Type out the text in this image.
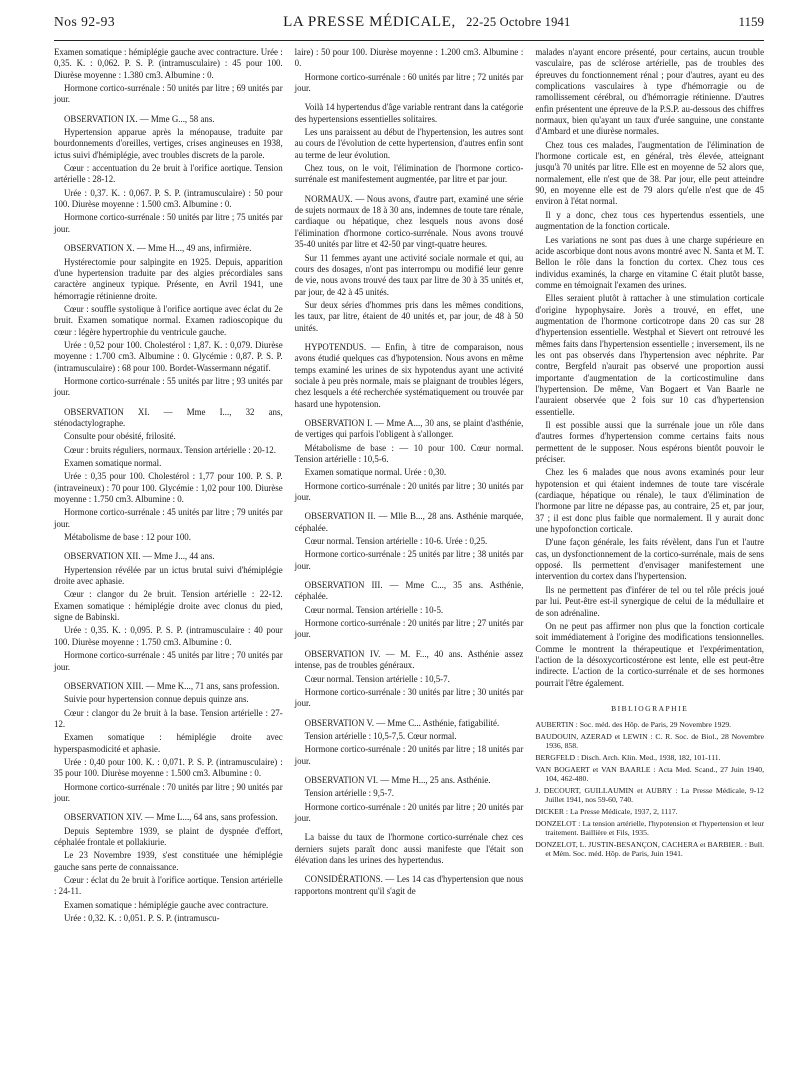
Nos 92-93	LA PRESSE MÉDICALE, 22-25 Octobre 1941	1159

Examen somatique : hémiplégie gauche avec contracture. Urée : 0,35. K. : 0,062. P. S. P. (intramusculaire) : 45 pour 100. Diurèse moyenne : 1.380 cm3. Albumine : 0.

Hormone cortico-surrénale : 50 unités par litre ; 69 unités par jour.

OBSERVATION IX. — Mme G..., 58 ans.

Hypertension apparue après la ménopause, traduite par bourdonnements d'oreilles, vertiges, crises angineuses en 1938, ictus suivi d'hémiplégie, avec troubles discrets de la parole.

Cœur : accentuation du 2e bruit à l'orifice aortique. Tension artérielle : 28-12.

Urée : 0,37. K. : 0,067. P. S. P. (intramusculaire) : 50 pour 100. Diurèse moyenne : 1.500 cm3. Albumine : 0.

Hormone cortico-surrénale : 50 unités par litre ; 75 unités par jour.

OBSERVATION X. — Mme H..., 49 ans, infirmière.

Hystérectomie pour salpingite en 1925. Depuis, apparition d'une hypertension traduite par des algies précordiales sans caractère angineux typique. Présente, en Avril 1941, une hémorragie rétinienne droite.

Cœur : souffle systolique à l'orifice aortique avec éclat du 2e bruit. Examen somatique normal. Examen radioscopique du cœur : légère hypertrophie du ventricule gauche.

Urée : 0,52 pour 100. Cholestérol : 1,87. K. : 0,079. Diurèse moyenne : 1.700 cm3. Albumine : 0. Glycémie : 0,87. P. S. P. (intramusculaire) : 68 pour 100. Bordet-Wassermann négatif.

Hormone cortico-surrénale : 55 unités par litre ; 93 unités par jour.

OBSERVATION XI. — Mme I..., 32 ans, sténodactylographe.

Consulte pour obésité, frilosité.

Cœur : bruits réguliers, normaux. Tension artérielle : 20-12.

Examen somatique normal.

Urée : 0,35 pour 100. Cholestérol : 1,77 pour 100. P. S. P. (intraveineux) : 70 pour 100. Glycémie : 1,02 pour 100. Diurèse moyenne : 1.750 cm3. Albumine : 0.

Hormone cortico-surrénale : 45 unités par litre ; 79 unités par jour.

Métabolisme de base : 12 pour 100.

OBSERVATION XII. — Mme J..., 44 ans.

Hypertension révélée par un ictus brutal suivi d'hémiplégie droite avec aphasie.

Cœur : clangor du 2e bruit. Tension artérielle : 22-12. Examen somatique : hémiplégie droite avec clonus du pied, signe de Babinski.

Urée : 0,35. K. : 0,095. P. S. P. (intramusculaire : 40 pour 100. Diurèse moyenne : 1.750 cm3. Albumine : 0.

Hormone cortico-surrénale : 45 unités par litre ; 70 unités par jour.

OBSERVATION XIII. — Mme K..., 71 ans, sans profession.

Suivie pour hypertension connue depuis quinze ans.

Cœur : clangor du 2e bruit à la base. Tension artérielle : 27-12.

Examen somatique : hémiplégie droite avec hyperspasmodicité et aphasie.

Urée : 0,40 pour 100. K. : 0,071. P. S. P. (intramusculaire) : 35 pour 100. Diurèse moyenne : 1.500 cm3. Albumine : 0.

Hormone cortico-surrénale : 70 unités par litre ; 90 unités par jour.

OBSERVATION XIV. — Mme L..., 64 ans, sans profession.

Depuis Septembre 1939, se plaint de dyspnée d'effort, céphalée frontale et pollakiurie.

Le 23 Novembre 1939, s'est constituée une hémiplégie gauche sans perte de connaissance.

Cœur : éclat du 2e bruit à l'orifice aortique. Tension artérielle : 24-11.

Examen somatique : hémiplégie gauche avec contracture.

Urée : 0,32. K. : 0,051. P. S. P. (intramuscu-

laire) : 50 pour 100. Diurèse moyenne : 1.200 cm3. Albumine : 0.

Hormone cortico-surrénale : 60 unités par litre ; 72 unités par jour.

Voilà 14 hypertendus d'âge variable rentrant dans la catégorie des hypertensions essentielles solitaires.

Les uns paraissent au début de l'hypertension, les autres sont au cours de l'évolution de cette hypertension, d'autres enfin sont au terme de leur évolution.

Chez tous, on le voit, l'élimination de l'hormone cortico-surrénale est manifestement augmentée, par litre et par jour.

NORMAUX. — Nous avons, d'autre part, examiné une série de sujets normaux de 18 à 30 ans, indemnes de toute tare rénale, cardiaque ou hépatique, chez lesquels nous avons dosé l'élimination d'hormone cortico-surrénale. Nous avons trouvé 35-40 unités par litre et 42-50 par vingt-quatre heures.

Sur 11 femmes ayant une activité sociale normale et qui, au cours des dosages, n'ont pas interrompu ou modifié leur genre de vie, nous avons trouvé des taux par litre de 30 à 35 unités et, par jour, de 42 à 45 unités.

Sur deux séries d'hommes pris dans les mêmes conditions, les taux, par litre, étaient de 40 unités et, par jour, de 48 à 50 unités.

HYPOTENDUS. — Enfin, à titre de comparaison, nous avons étudié quelques cas d'hypotension. Nous avons en même temps examiné les urines de six hypotendus ayant une activité sociale à peu près normale, mais se plaignant de troubles légers, chez lesquels a été recherchée systématiquement ou trouvée par hasard une hypotension.

OBSERVATION I. — Mme A..., 30 ans, se plaint d'asthénie, de vertiges qui parfois l'obligent à s'allonger.

Métabolisme de base : — 10 pour 100. Cœur normal. Tension artérielle : 10,5-6.

Examen somatique normal. Urée : 0,30.

Hormone cortico-surrénale : 20 unités par litre ; 30 unités par jour.

OBSERVATION II. — Mlle B..., 28 ans. Asthénie marquée, céphalée.

Cœur normal. Tension artérielle : 10-6. Urée : 0,25.

Hormone cortico-surrénale : 25 unités par litre ; 38 unités par jour.

OBSERVATION III. — Mme C..., 35 ans. Asthénie, céphalée.

Cœur normal. Tension artérielle : 10-5.

Hormone cortico-surrénale : 20 unités par litre ; 27 unités par jour.

OBSERVATION IV. — M. F..., 40 ans. Asthénie assez intense, pas de troubles généraux.

Cœur normal. Tension artérielle : 10,5-7.

Hormone cortico-surrénale : 30 unités par litre ; 30 unités par jour.

OBSERVATION V. — Mme C... Asthénie, fatigabilité.

Tension artérielle : 10,5-7,5. Cœur normal.

Hormone cortico-surrénale : 20 unités par litre ; 18 unités par jour.

OBSERVATION VI. — Mme H..., 25 ans. Asthénie.

Tension artérielle : 9,5-7.

Hormone cortico-surrénale : 20 unités par litre ; 20 unités par jour.

La baisse du taux de l'hormone cortico-surrénale chez ces derniers sujets paraît donc aussi manifeste que l'était son élévation dans les urines des hypertendus.

CONSIDÉRATIONS. — Les 14 cas d'hypertension que nous rapportons montrent qu'il s'agit de

malades n'ayant encore présenté, pour certains, aucun trouble vasculaire, pas de sclérose artérielle, pas de troubles des épreuves du fonctionnement rénal ; pour d'autres, ayant eu des complications vasculaires à type d'hémorragie ou de ramollissement cérébral, ou d'hémorragie rétinienne. D'autres enfin présentent une épreuve de la P.S.P. au-dessous des chiffres normaux, bien qu'ayant un taux d'urée sanguine, une constante d'Ambard et une diurèse normales.

Chez tous ces malades, l'augmentation de l'élimination de l'hormone corticale est, en général, très élevée, atteignant jusqu'à 70 unités par litre. Elle est en moyenne de 52 alors que, normalement, elle n'est que de 38. Par jour, elle peut atteindre 90, en moyenne elle est de 79 alors qu'elle n'est que de 45 environ à l'état normal.

Il y a donc, chez tous ces hypertendus essentiels, une augmentation de la fonction corticale.

Les variations ne sont pas dues à une charge supérieure en acide ascorbique dont nous avons montré avec N. Santa et M. T. Bellon le rôle dans la fonction du cortex. Chez tous ces individus examinés, la charge en vitamine C était plutôt basse, comme en témoignait l'examen des urines.

Elles seraient plutôt à rattacher à une stimulation corticale d'origine hypophysaire. Jorès a trouvé, en effet, une augmentation de l'hormone corticotrope dans 20 cas sur 28 d'hypertension essentielle. Westphal et Sievert ont retrouvé les mêmes faits dans l'hypertension essentielle ; inversement, ils ne les ont pas observés dans l'hypertension avec néphrite. Par contre, Bergfeld n'aurait pas observé une proportion aussi importante d'augmentation de la corticostimuline dans l'hypertension. De même, Van Bogaert et Van Baarle ne l'auraient observée que 2 fois sur 10 cas d'hypertension essentielle.

Il est possible aussi que la surrénale joue un rôle dans d'autres formes d'hypertension comme certains faits nous permettent de le supposer. Nous espérons bientôt pouvoir le préciser.

Chez les 6 malades que nous avons examinés pour leur hypotension et qui étaient indemnes de toute tare viscérale (cardiaque, hépatique ou rénale), le taux d'élimination de l'hormone par litre ne dépasse pas, au contraire, 25 et, par jour, 37 ; il est donc plus faible que normalement. Il y aurait donc une hypofonction corticale.

D'une façon générale, les faits révèlent, dans l'un et l'autre cas, un dysfonctionnement de la cortico-surrénale, mais de sens opposé. Ils permettent d'envisager manifestement une intervention du cortex dans l'hypertension.

Ils ne permettent pas d'inférer de tel ou tel rôle précis joué par lui. Peut-être est-il synergique de celui de la médullaire et de son adrénaline.

On ne peut pas affirmer non plus que la fonction corticale soit immédiatement à l'origine des modifications tensionnelles. Comme le montrent la thérapeutique et l'expérimentation, l'action de la désoxycorticostérone est lente, elle est peut-être indirecte. L'action de la cortico-surrénale et de ses hormones pourrait l'être également.

BIBLIOGRAPHIE

AUBERTIN : Soc. méd. des Hôp. de Paris, 29 Novembre 1929.

BAUDOUIN, AZERAD et LEWIN : C. R. Soc. de Biol., 28 Novembre 1936, 858.

BERGFELD : Disch. Arch. Klin. Med., 1938, 182, 101-111.

VAN BOGAERT et VAN BAARLE : Acta Med. Scand., 27 Juin 1940, 104, 462-480.

J. DECOURT, GUILLAUMIN et AUBRY : La Presse Médicale, 9-12 Juillet 1941, nos 59-60, 740.

DICKER : La Presse Médicale, 1937, 2, 1117.

DONZELOT : La tension artérielle, l'hypotension et l'hypertension et leur traitement. Baillière et Fils, 1935.

DONZELOT, L. JUSTIN-BESANÇON, CACHERA et BARBIER. : Bull. et Mém. Soc. méd. Hôp. de Paris, Juin 1941.
